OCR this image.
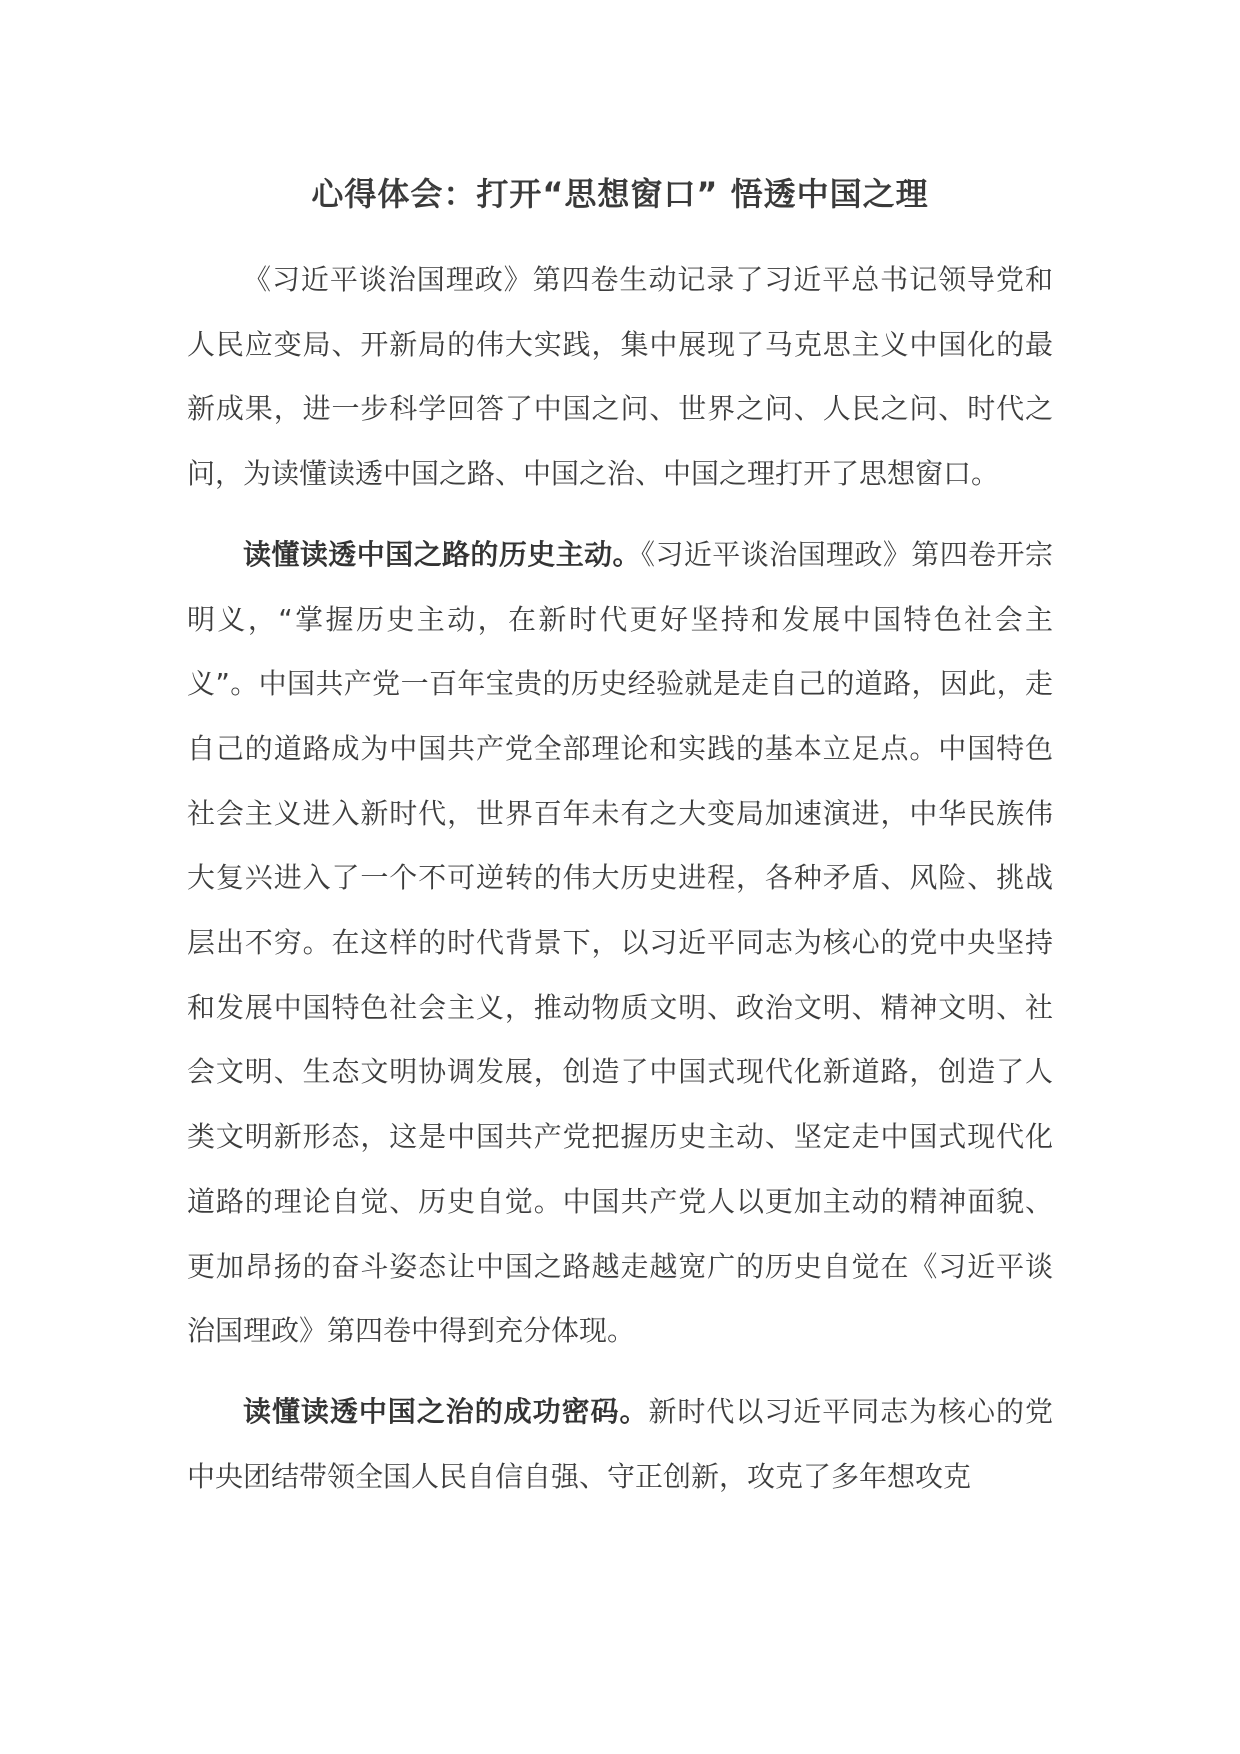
心得体会：打开“思想窗口” 悟透中国之理

《习近平谈治国理政》第四卷生动记录了习近平总书记领导党和人民应变局、开新局的伟大实践，集中展现了马克思主义中国化的最新成果，进一步科学回答了中国之问、世界之问、人民之问、时代之问，为读懂读透中国之路、中国之治、中国之理打开了思想窗口。

读懂读透中国之路的历史主动。《习近平谈治国理政》第四卷开宗明义，“掌握历史主动，在新时代更好坚持和发展中国特色社会主义”。中国共产党一百年宝贵的历史经验就是走自己的道路，因此，走自己的道路成为中国共产党全部理论和实践的基本立足点。中国特色社会主义进入新时代，世界百年未有之大变局加速演进，中华民族伟大复兴进入了一个不可逆转的伟大历史进程，各种矛盾、风险、挑战层出不穷。在这样的时代背景下，以习近平同志为核心的党中央坚持和发展中国特色社会主义，推动物质文明、政治文明、精神文明、社会文明、生态文明协调发展，创造了中国式现代化新道路，创造了人类文明新形态，这是中国共产党把握历史主动、坚定走中国式现代化道路的理论自觉、历史自觉。中国共产党人以更加主动的精神面貌、更加昂扬的奋斗姿态让中国之路越走越宽广的历史自觉在《习近平谈治国理政》第四卷中得到充分体现。

读懂读透中国之治的成功密码。新时代以习近平同志为核心的党中央团结带领全国人民自信自强、守正创新，攻克了多年想攻克
